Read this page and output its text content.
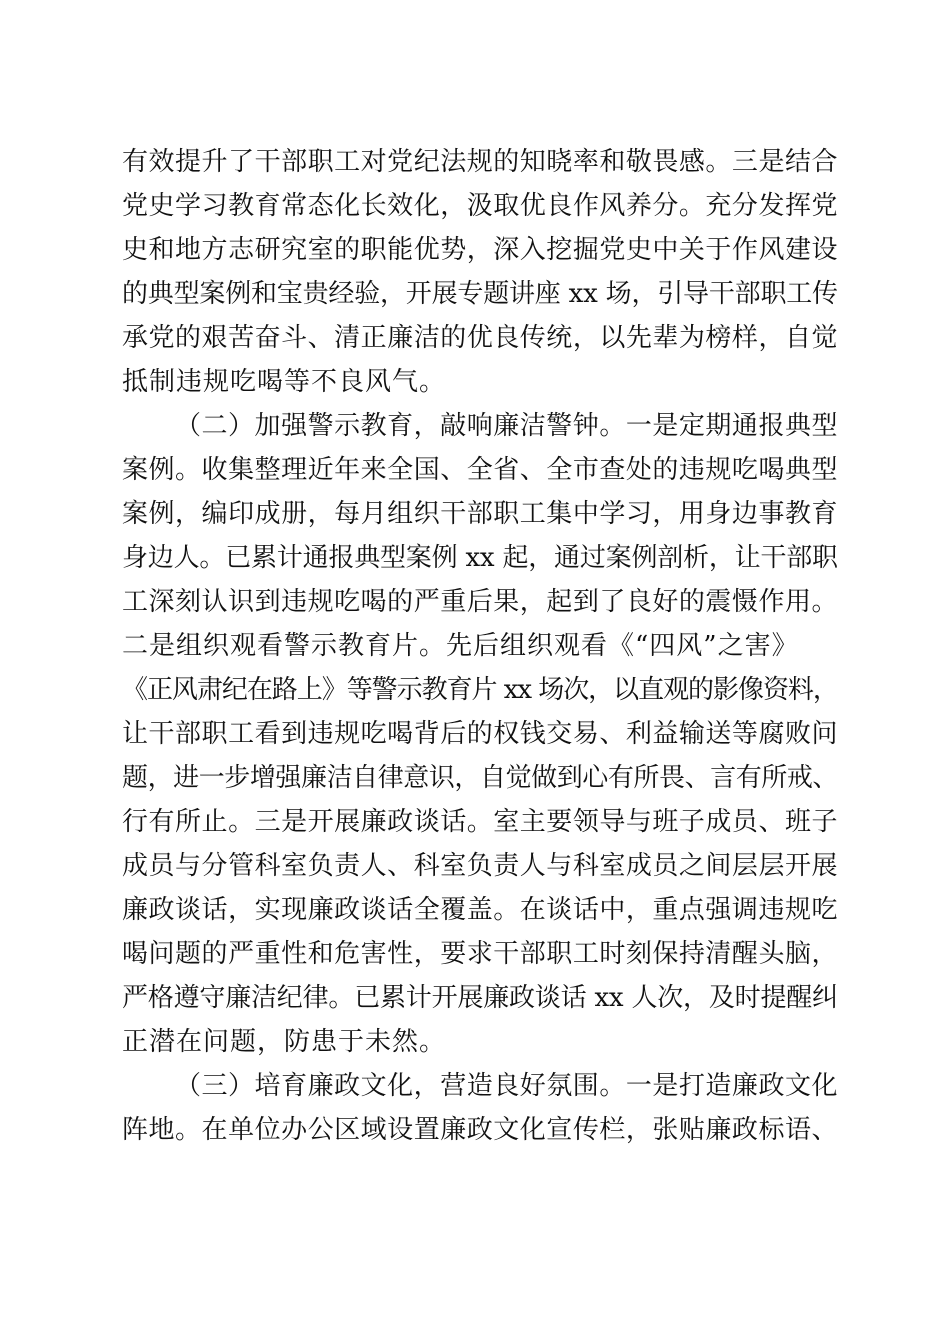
有效提升了干部职工对党纪法规的知晓率和敬畏感。三是结合
党史学习教育常态化长效化，汲取优良作风养分。充分发挥党
史和地方志研究室的职能优势，深入挖掘党史中关于作风建设
的典型案例和宝贵经验，开展专题讲座 xx 场，引导干部职工传
承党的艰苦奋斗、清正廉洁的优良传统，以先辈为榜样，自觉
抵制违规吃喝等不良风气。
（二）加强警示教育，敲响廉洁警钟。一是定期通报典型
案例。收集整理近年来全国、全省、全市查处的违规吃喝典型
案例，编印成册，每月组织干部职工集中学习，用身边事教育
身边人。已累计通报典型案例 xx 起，通过案例剖析，让干部职
工深刻认识到违规吃喝的严重后果，起到了良好的震慑作用。
二是组织观看警示教育片。先后组织观看《“四风”之害》
《正风肃纪在路上》等警示教育片 xx 场次，以直观的影像资料，
让干部职工看到违规吃喝背后的权钱交易、利益输送等腐败问
题，进一步增强廉洁自律意识，自觉做到心有所畏、言有所戒、
行有所止。三是开展廉政谈话。室主要领导与班子成员、班子
成员与分管科室负责人、科室负责人与科室成员之间层层开展
廉政谈话，实现廉政谈话全覆盖。在谈话中，重点强调违规吃
喝问题的严重性和危害性，要求干部职工时刻保持清醒头脑，
严格遵守廉洁纪律。已累计开展廉政谈话 xx 人次，及时提醒纠
正潜在问题，防患于未然。
（三）培育廉政文化，营造良好氛围。一是打造廉政文化
阵地。在单位办公区域设置廉政文化宣传栏，张贴廉政标语、
